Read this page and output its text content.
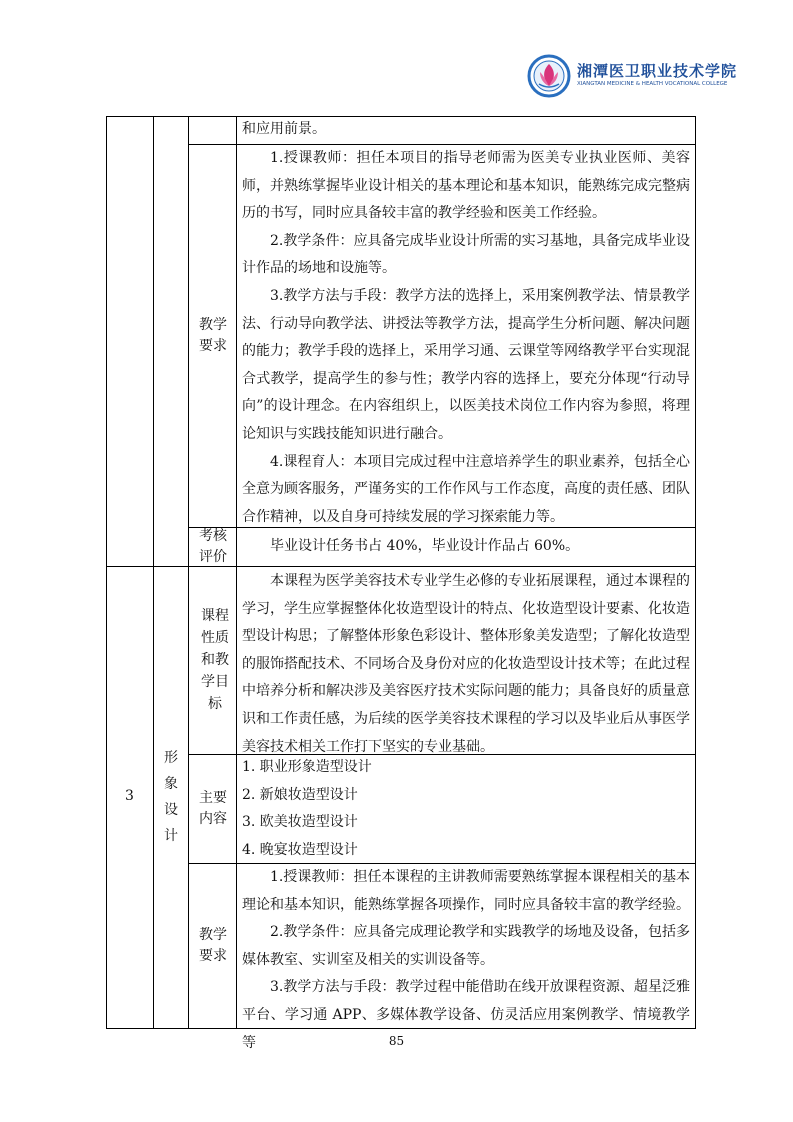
湘潭医卫职业技术学院
XIANGTAN MEDICINE & HEALTH VOCATIONAL COLLEGE
和应用前景。
教学要求

1.授课教师：担任本项目的指导老师需为医美专业执业医师、美容师，并熟练掌握毕业设计相关的基本理论和基本知识，能熟练完成完整病历的书写，同时应具备较丰富的教学经验和医美工作经验。

2.教学条件：应具备完成毕业设计所需的实习基地，具备完成毕业设计作品的场地和设施等。

3.教学方法与手段：教学方法的选择上，采用案例教学法、情景教学法、行动导向教学法、讲授法等教学方法，提高学生分析问题、解决问题的能力；教学手段的选择上，采用学习通、云课堂等网络教学平台实现混合式教学，提高学生的参与性；教学内容的选择上，要充分体现“行动导向”的设计理念。在内容组织上，以医美技术岗位工作内容为参照，将理论知识与实践技能知识进行融合。

4.课程育人：本项目完成过程中注意培养学生的职业素养，包括全心全意为顾客服务，严谨务实的工作作风与工作态度，高度的责任感、团队合作精神，以及自身可持续发展的学习探索能力等。

考核评价

毕业设计任务书占 40%，毕业设计作品占 60%。

3
形象设计
课程性质和教学目标

本课程为医学美容技术专业学生必修的专业拓展课程，通过本课程的学习，学生应掌握整体化妆造型设计的特点、化妆造型设计要素、化妆造型设计构思；了解整体形象色彩设计、整体形象美发造型；了解化妆造型的服饰搭配技术、不同场合及身份对应的化妆造型设计技术等；在此过程中培养分析和解决涉及美容医疗技术实际问题的能力；具备良好的质量意识和工作责任感，为后续的医学美容技术课程的学习以及毕业后从事医学美容技术相关工作打下坚实的专业基础。

主要内容

1. 职业形象造型设计

2. 新娘妆造型设计

3. 欧美妆造型设计

4. 晚宴妆造型设计

教学要求

1.授课教师：担任本课程的主讲教师需要熟练掌握本课程相关的基本理论和基本知识，能熟练掌握各项操作，同时应具备较丰富的教学经验。

2.教学条件：应具备完成理论教学和实践教学的场地及设备，包括多媒体教室、实训室及相关的实训设备等。

3.教学方法与手段：教学过程中能借助在线开放课程资源、超星泛雅平台、学习通 APP、多媒体教学设备、仿灵活应用案例教学、情境教学等	85
